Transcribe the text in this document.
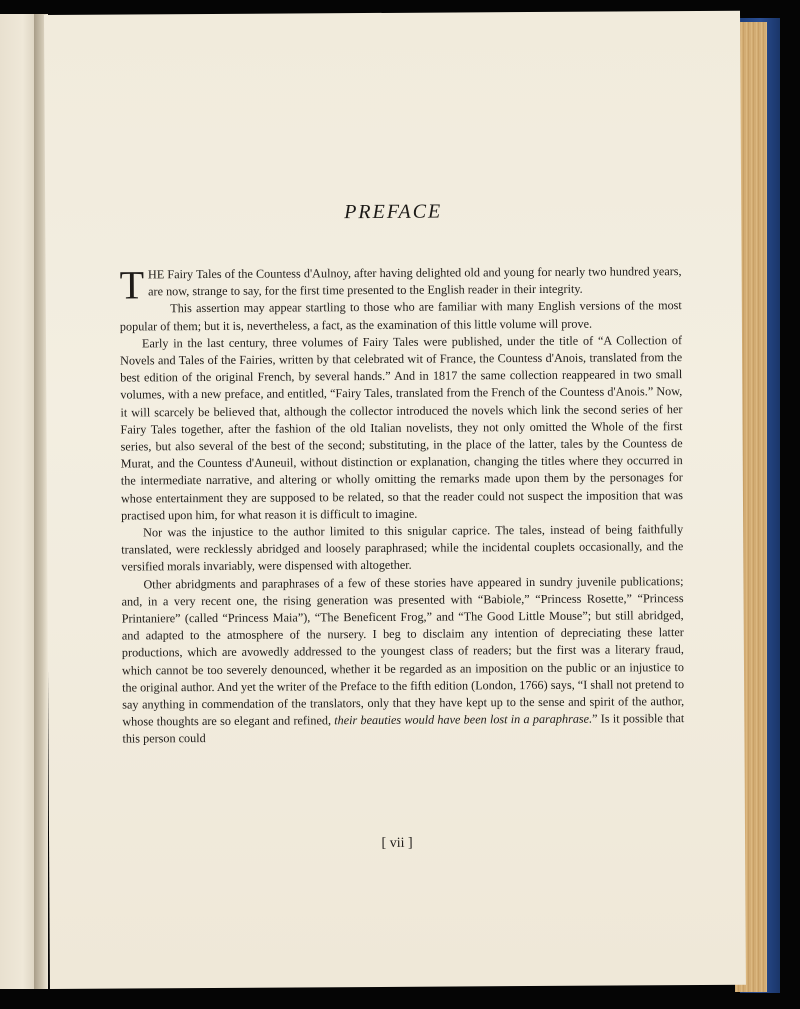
PREFACE

THE Fairy Tales of the Countess d'Aulnoy, after having delighted old and young for nearly two hundred years, are now, strange to say, for the first time presented to the English reader in their integrity.

This assertion may appear startling to those who are familiar with many English versions of the most popular of them; but it is, nevertheless, a fact, as the examination of this little volume will prove.

Early in the last century, three volumes of Fairy Tales were published, under the title of “A Collection of Novels and Tales of the Fairies, written by that celebrated wit of France, the Countess d'Anois, translated from the best edition of the original French, by several hands.” And in 1817 the same collection reappeared in two small volumes, with a new preface, and entitled, “Fairy Tales, translated from the French of the Countess d'Anois.” Now, it will scarcely be believed that, although the collector introduced the novels which link the second series of her Fairy Tales together, after the fashion of the old Italian novelists, they not only omitted the Whole of the first series, but also several of the best of the second; substituting, in the place of the latter, tales by the Countess de Murat, and the Countess d'Auneuil, without distinction or explanation, changing the titles where they occurred in the intermediate narrative, and altering or wholly omitting the remarks made upon them by the personages for whose entertainment they are supposed to be related, so that the reader could not suspect the imposition that was practised upon him, for what reason it is difficult to imagine.

Nor was the injustice to the author limited to this snigular caprice. The tales, instead of being faithfully translated, were recklessly abridged and loosely paraphrased; while the incidental couplets occasionally, and the versified morals invariably, were dispensed with altogether.

Other abridgments and paraphrases of a few of these stories have appeared in sundry juvenile publications; and, in a very recent one, the rising generation was presented with “Babiole,” “Princess Rosette,” “Princess Printaniere” (called “Princess Maia”), “The Beneficent Frog,” and “The Good Little Mouse”; but still abridged, and adapted to the atmosphere of the nursery. I beg to disclaim any intention of depreciating these latter productions, which are avowedly addressed to the youngest class of readers; but the first was a literary fraud, which cannot be too severely denounced, whether it be regarded as an imposition on the public or an injustice to the original author. And yet the writer of the Preface to the fifth edition (London, 1766) says, “I shall not pretend to say anything in commendation of the translators, only that they have kept up to the sense and spirit of the author, whose thoughts are so elegant and refined, their beauties would have been lost in a paraphrase.” Is it possible that this person could

[ vii ]
